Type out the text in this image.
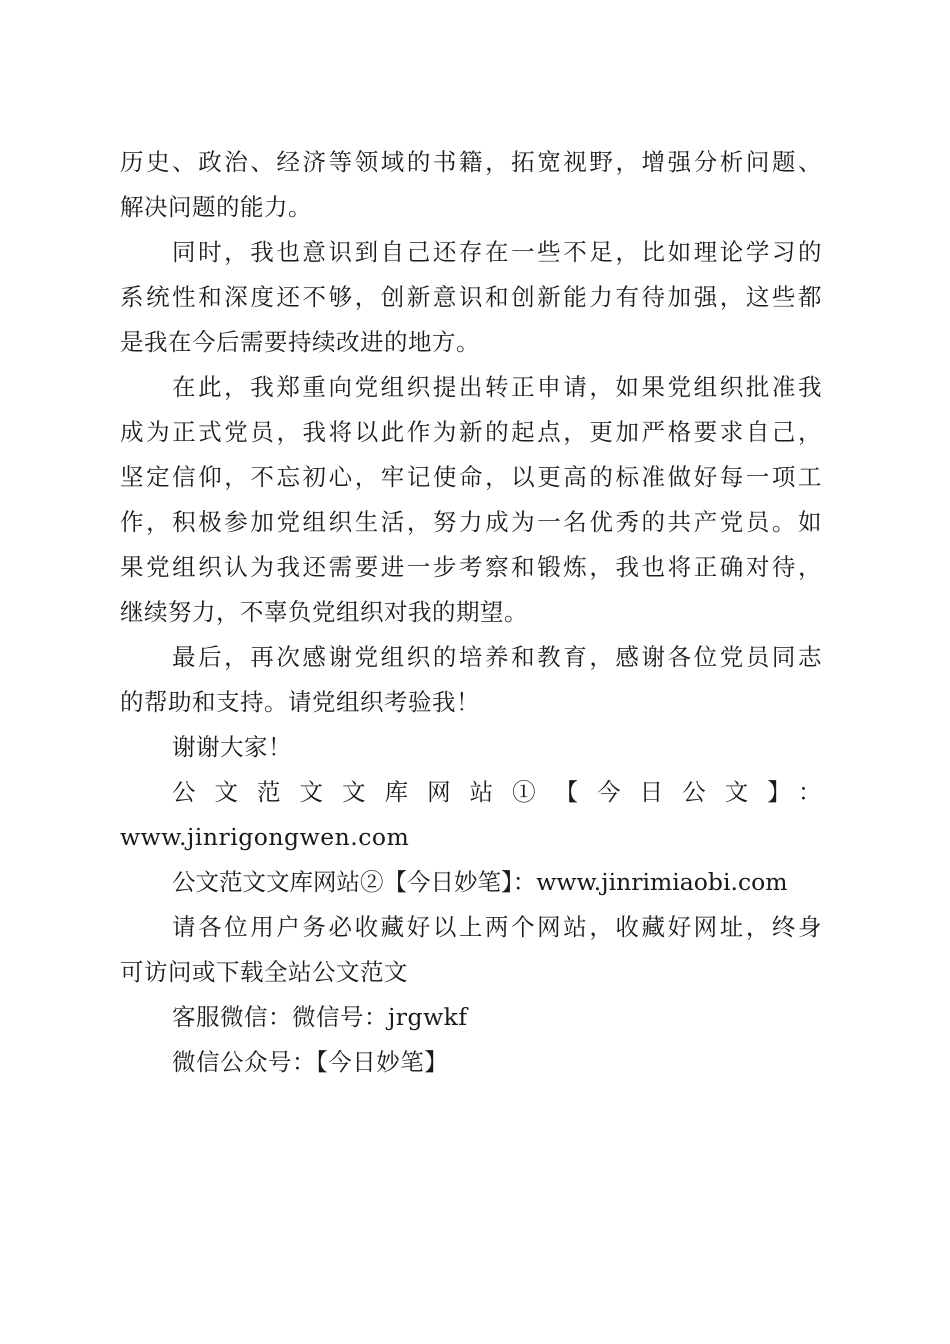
历史、政治、经济等领域的书籍，拓宽视野，增强分析问题、
解决问题的能力。

同时，我也意识到自己还存在一些不足，比如理论学习的
系统性和深度还不够，创新意识和创新能力有待加强，这些都
是我在今后需要持续改进的地方。

在此，我郑重向党组织提出转正申请，如果党组织批准我
成为正式党员，我将以此作为新的起点，更加严格要求自己，
坚定信仰，不忘初心，牢记使命，以更高的标准做好每一项工
作，积极参加党组织生活，努力成为一名优秀的共产党员。如
果党组织认为我还需要进一步考察和锻炼，我也将正确对待，
继续努力，不辜负党组织对我的期望。

最后，再次感谢党组织的培养和教育，感谢各位党员同志
的帮助和支持。请党组织考验我！

谢谢大家！

公文范文文库网站①【今日公文】：
www.jinrigongwen.com

公文范文文库网站②【今日妙笔】：www.jinrimiaobi.com

请各位用户务必收藏好以上两个网站，收藏好网址，终身
可访问或下载全站公文范文

客服微信：微信号：jrgwkf

微信公众号：【今日妙笔】
